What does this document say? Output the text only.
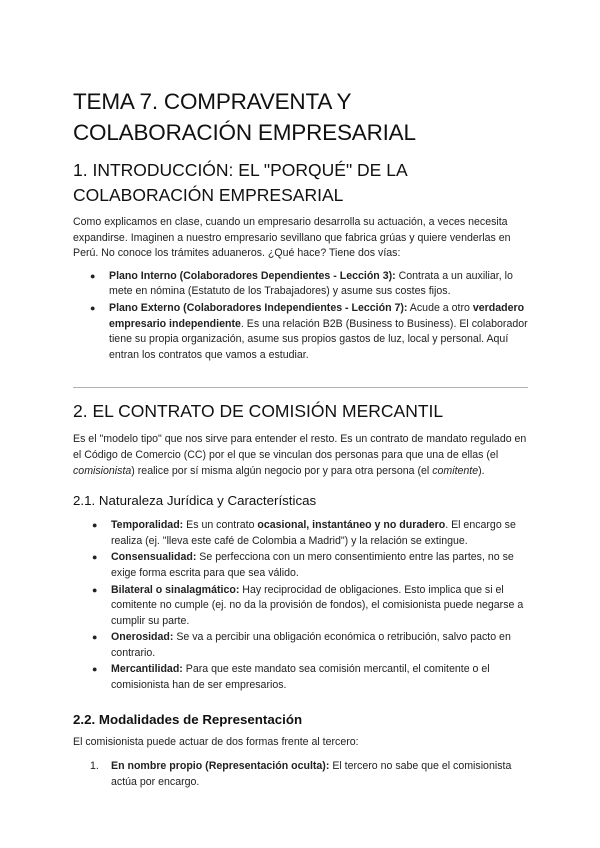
TEMA 7. COMPRAVENTA Y
COLABORACIÓN EMPRESARIAL
1. INTRODUCCIÓN: EL "PORQUÉ" DE LA
COLABORACIÓN EMPRESARIAL

Como explicamos en clase, cuando un empresario desarrolla su actuación, a veces necesita expandirse. Imaginen a nuestro empresario sevillano que fabrica grúas y quiere venderlas en Perú. No conoce los trámites aduaneros. ¿Qué hace? Tiene dos vías:

● Plano Interno (Colaboradores Dependientes - Lección 3): Contrata a un auxiliar, lo mete en nómina (Estatuto de los Trabajadores) y asume sus costes fijos.
● Plano Externo (Colaboradores Independientes - Lección 7): Acude a otro verdadero empresario independiente. Es una relación B2B (Business to Business). El colaborador tiene su propia organización, asume sus propios gastos de luz, local y personal. Aquí entran los contratos que vamos a estudiar.
2. EL CONTRATO DE COMISIÓN MERCANTIL

Es el "modelo tipo" que nos sirve para entender el resto. Es un contrato de mandato regulado en el Código de Comercio (CC) por el que se vinculan dos personas para que una de ellas (el comisionista) realice por sí misma algún negocio por y para otra persona (el comitente).

2.1. Naturaleza Jurídica y Características
● Temporalidad: Es un contrato ocasional, instantáneo y no duradero. El encargo se realiza (ej. "lleva este café de Colombia a Madrid") y la relación se extingue.
● Consensualidad: Se perfecciona con un mero consentimiento entre las partes, no se exige forma escrita para que sea válido.
● Bilateral o sinalagmático: Hay reciprocidad de obligaciones. Esto implica que si el comitente no cumple (ej. no da la provisión de fondos), el comisionista puede negarse a cumplir su parte.
● Onerosidad: Se va a percibir una obligación económica o retribución, salvo pacto en contrario.
● Mercantilidad: Para que este mandato sea comisión mercantil, el comitente o el comisionista han de ser empresarios.
2.2. Modalidades de Representación

El comisionista puede actuar de dos formas frente al tercero:

1. En nombre propio (Representación oculta): El tercero no sabe que el comisionista actúa por encargo.
